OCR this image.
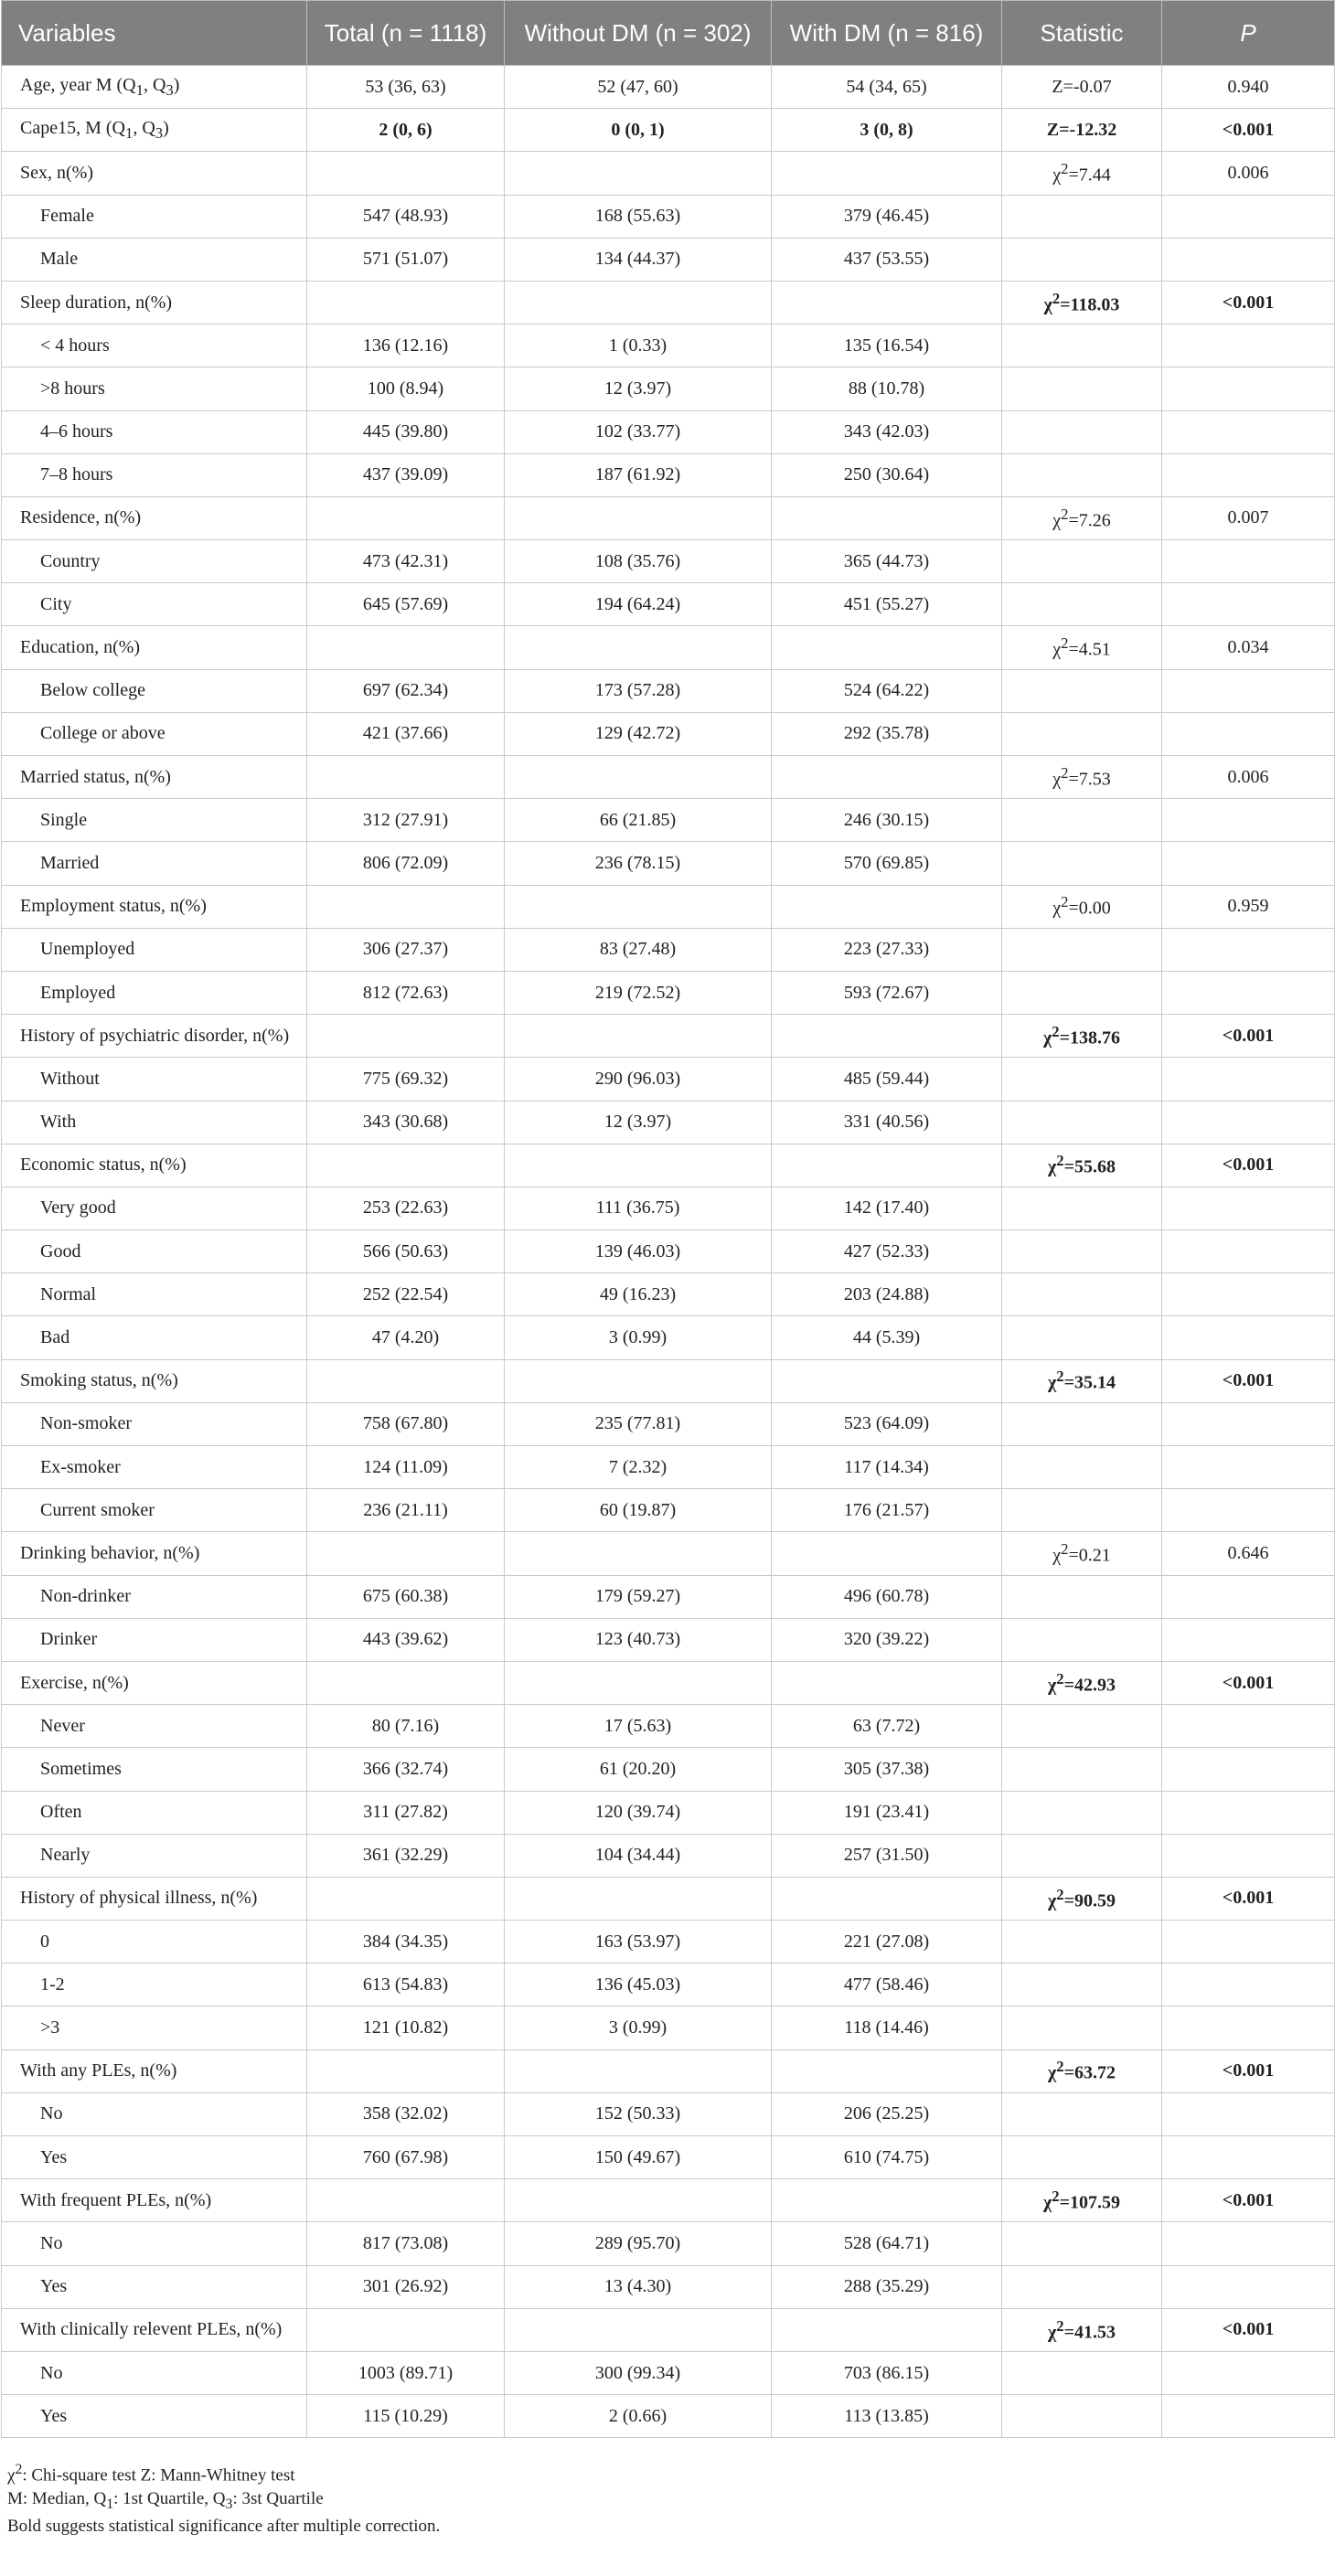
Variables	Total (n = 1118)	Without DM (n = 302)	With DM (n = 816)	Statistic	P
Age, year M ($Q_1$, $Q_3$)	53 (36, 63)	52 (47, 60)	54 (34, 65)	Z=-0.07	0.940
Cape15, M ($Q_1$, $Q_3$)	2 (0, 6)	0 (0, 1)	3 (0, 8)	Z=-12.32	<0.001
Sex, n(%)				$\chi^2=7.44$	0.006
Female	547 (48.93)	168 (55.63)	379 (46.45)		
Male	571 (51.07)	134 (44.37)	437 (53.55)		
Sleep duration, n(%)				$\chi^2=118.03$	<0.001
< 4 hours	136 (12.16)	1 (0.33)	135 (16.54)		
>8 hours	100 (8.94)	12 (3.97)	88 (10.78)		
4–6 hours	445 (39.80)	102 (33.77)	343 (42.03)		
7–8 hours	437 (39.09)	187 (61.92)	250 (30.64)		
Residence, n(%)				$\chi^2=7.26$	0.007
Country	473 (42.31)	108 (35.76)	365 (44.73)		
City	645 (57.69)	194 (64.24)	451 (55.27)		
Education, n(%)				$\chi^2=4.51$	0.034
Below college	697 (62.34)	173 (57.28)	524 (64.22)		
College or above	421 (37.66)	129 (42.72)	292 (35.78)		
Married status, n(%)				$\chi^2=7.53$	0.006
Single	312 (27.91)	66 (21.85)	246 (30.15)		
Married	806 (72.09)	236 (78.15)	570 (69.85)		
Employment status, n(%)				$\chi^2=0.00$	0.959
Unemployed	306 (27.37)	83 (27.48)	223 (27.33)		
Employed	812 (72.63)	219 (72.52)	593 (72.67)		
History of psychiatric disorder, n(%)				$\chi^2=138.76$	<0.001
Without	775 (69.32)	290 (96.03)	485 (59.44)		
With	343 (30.68)	12 (3.97)	331 (40.56)		
Economic status, n(%)				$\chi^2=55.68$	<0.001
Very good	253 (22.63)	111 (36.75)	142 (17.40)		
Good	566 (50.63)	139 (46.03)	427 (52.33)		
Normal	252 (22.54)	49 (16.23)	203 (24.88)		
Bad	47 (4.20)	3 (0.99)	44 (5.39)		
Smoking status, n(%)				$\chi^2=35.14$	<0.001
Non-smoker	758 (67.80)	235 (77.81)	523 (64.09)		
Ex-smoker	124 (11.09)	7 (2.32)	117 (14.34)		
Current smoker	236 (21.11)	60 (19.87)	176 (21.57)		
Drinking behavior, n(%)				$\chi^2=0.21$	0.646
Non-drinker	675 (60.38)	179 (59.27)	496 (60.78)		
Drinker	443 (39.62)	123 (40.73)	320 (39.22)		
Exercise, n(%)				$\chi^2=42.93$	<0.001
Never	80 (7.16)	17 (5.63)	63 (7.72)		
Sometimes	366 (32.74)	61 (20.20)	305 (37.38)		
Often	311 (27.82)	120 (39.74)	191 (23.41)		
Nearly	361 (32.29)	104 (34.44)	257 (31.50)		
History of physical illness, n(%)				$\chi^2=90.59$	<0.001
0	384 (34.35)	163 (53.97)	221 (27.08)		
1-2	613 (54.83)	136 (45.03)	477 (58.46)		
>3	121 (10.82)	3 (0.99)	118 (14.46)		
With any PLEs, n(%)				$\chi^2=63.72$	<0.001
No	358 (32.02)	152 (50.33)	206 (25.25)		
Yes	760 (67.98)	150 (49.67)	610 (74.75)		
With frequent PLEs, n(%)				$\chi^2=107.59$	<0.001
No	817 (73.08)	289 (95.70)	528 (64.71)		
Yes	301 (26.92)	13 (4.30)	288 (35.29)		
With clinically relevent PLEs, n(%)				$\chi^2=41.53$	<0.001
No	1003 (89.71)	300 (99.34)	703 (86.15)		
Yes	115 (10.29)	2 (0.66)	113 (13.85)		
$\chi^2$: Chi-square test Z: Mann-Whitney test
M: Median, $Q_1$: 1st Quartile, $Q_3$: 3st Quartile
Bold suggests statistical significance after multiple correction.
